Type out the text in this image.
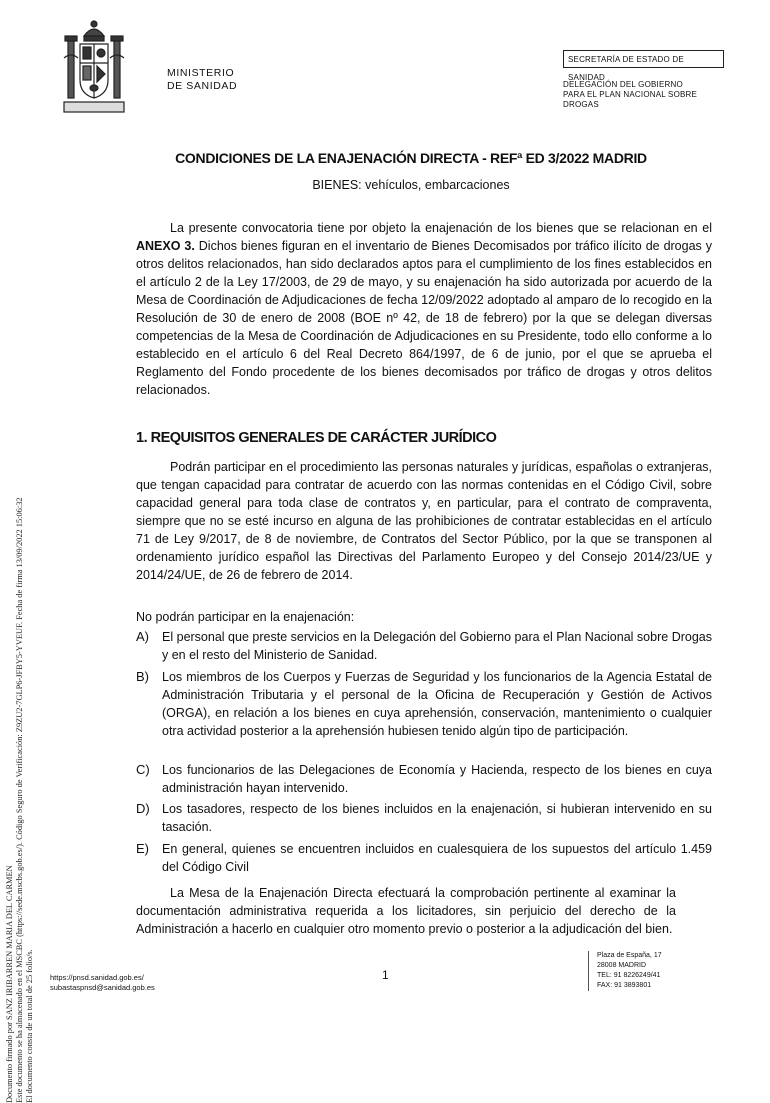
MINISTERIO
DE SANIDAD
SECRETARÍA DE ESTADO DE SANIDAD
DELEGACIÓN DEL GOBIERNO
PARA EL PLAN NACIONAL SOBRE
DROGAS
Documento firmado por SANZ IRIBARREN MARIA DEL CARMEN Este documento se ha almacenado en el MSCBC (https://sede.mscbs.gob.es/). Código Seguro de Verificación: Z9ZU2-7GLP6-JFBY5-YVEUF. Fecha de firma 13/09/2022 15:06:32 El documento consta de un total de 25 folio/s.
CONDICIONES DE LA ENAJENACIÓN DIRECTA - REFª ED 3/2022 MADRID
BIENES: vehículos, embarcaciones
La presente convocatoria tiene por objeto la enajenación de los bienes que se relacionan en el ANEXO 3. Dichos bienes figuran en el inventario de Bienes Decomisados por tráfico ilícito de drogas y otros delitos relacionados, han sido declarados aptos para el cumplimiento de los fines establecidos en el artículo 2 de la Ley 17/2003, de 29 de mayo, y su enajenación ha sido autorizada por acuerdo de la Mesa de Coordinación de Adjudicaciones de fecha 12/09/2022 adoptado al amparo de lo recogido en la Resolución de 30 de enero de 2008 (BOE nº 42, de 18 de febrero) por la que se delegan diversas competencias de la Mesa de Coordinación de Adjudicaciones en su Presidente, todo ello conforme a lo establecido en el artículo 6 del Real Decreto 864/1997, de 6 de junio, por el que se aprueba el Reglamento del Fondo procedente de los bienes decomisados por tráfico de drogas y otros delitos relacionados.
1. REQUISITOS GENERALES DE CARÁCTER JURÍDICO
Podrán participar en el procedimiento las personas naturales y jurídicas, españolas o extranjeras, que tengan capacidad para contratar de acuerdo con las normas contenidas en el Código Civil, sobre capacidad general para toda clase de contratos y, en particular, para el contrato de compraventa, siempre que no se esté incurso en alguna de las prohibiciones de contratar establecidas en el artículo 71 de Ley 9/2017, de 8 de noviembre, de Contratos del Sector Público, por la que se transponen al ordenamiento jurídico español las Directivas del Parlamento Europeo y del Consejo 2014/23/UE y 2014/24/UE, de 26 de febrero de 2014.
No podrán participar en la enajenación:
A)	El personal que preste servicios en la Delegación del Gobierno para el Plan Nacional sobre Drogas y en el resto del Ministerio de Sanidad.
B)	Los miembros de los Cuerpos y Fuerzas de Seguridad y los funcionarios de la Agencia Estatal de Administración Tributaria y el personal de la Oficina de Recuperación y Gestión de Activos (ORGA), en relación a los bienes en cuya aprehensión, conservación, mantenimiento o cualquier otra actividad posterior a la aprehensión hubiesen tenido algún tipo de participación.
C) Los funcionarios de las Delegaciones de Economía y Hacienda, respecto de los bienes en cuya administración hayan intervenido.
D) Los tasadores, respecto de los bienes incluidos en la enajenación, si hubieran intervenido en su tasación.
E)	En general, quienes se encuentren incluidos en cualesquiera de los supuestos del artículo 1.459 del Código Civil
La Mesa de la Enajenación Directa efectuará la comprobación pertinente al examinar la documentación administrativa requerida a los licitadores, sin perjuicio del derecho de la Administración a hacerlo en cualquier otro momento previo o posterior a la adjudicación del bien.
https://pnsd.sanidad.gob.es/
subastaspnsd@sanidad.gob.es
1
Plaza de España, 17
28008 MADRID
TEL: 91 8226249/41
FAX: 91 3893801
